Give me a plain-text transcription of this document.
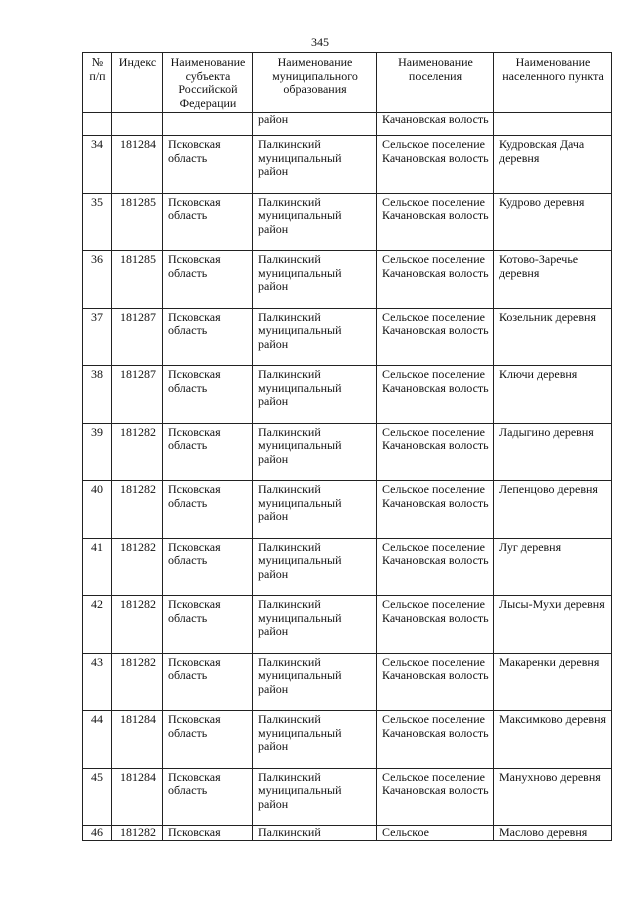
345
№ п/п	Индекс	Наименование субъекта Российской Федерации	Наименование муниципального образования	Наименование поселения	Наименование населенного пункта
			район	Качановская волость	
34	181284	Псковская область	Палкинский муниципальный район	Сельское поселение Качановская волость	Кудровская Дача деревня
35	181285	Псковская область	Палкинский муниципальный район	Сельское поселение Качановская волость	Кудрово деревня
36	181285	Псковская область	Палкинский муниципальный район	Сельское поселение Качановская волость	Котово-Заречье деревня
37	181287	Псковская область	Палкинский муниципальный район	Сельское поселение Качановская волость	Козельник деревня
38	181287	Псковская область	Палкинский муниципальный район	Сельское поселение Качановская волость	Ключи деревня
39	181282	Псковская область	Палкинский муниципальный район	Сельское поселение Качановская волость	Ладыгино деревня
40	181282	Псковская область	Палкинский муниципальный район	Сельское поселение Качановская волость	Лепенцово деревня
41	181282	Псковская область	Палкинский муниципальный район	Сельское поселение Качановская волость	Луг деревня
42	181282	Псковская область	Палкинский муниципальный район	Сельское поселение Качановская волость	Лысы-Мухи деревня
43	181282	Псковская область	Палкинский муниципальный район	Сельское поселение Качановская волость	Макаренки деревня
44	181284	Псковская область	Палкинский муниципальный район	Сельское поселение Качановская волость	Максимково деревня
45	181284	Псковская область	Палкинский муниципальный район	Сельское поселение Качановская волость	Манухново деревня
46	181282	Псковская	Палкинский	Сельское	Маслово деревня
